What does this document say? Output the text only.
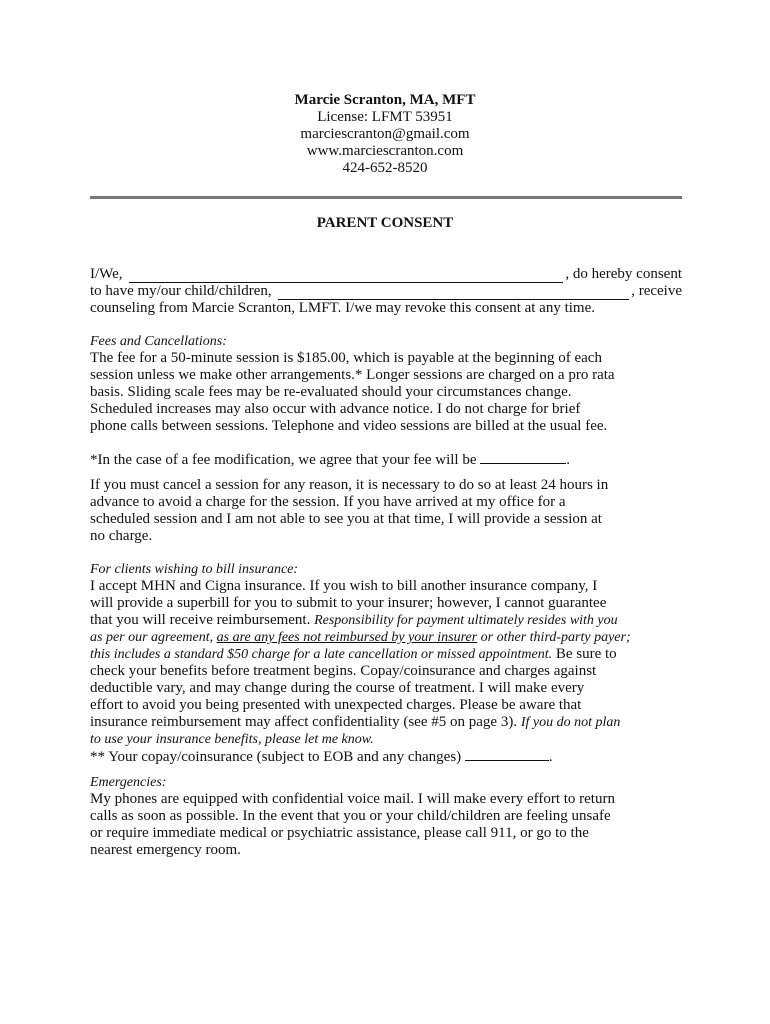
Marcie Scranton, MA, MFT
License: LFMT 53951
marciescranton@gmail.com
www.marciescranton.com
424-652-8520
PARENT CONSENT
I/We,	, do hereby consent
to have my/our child/children,	, receive

counseling from Marcie Scranton, LMFT. I/we may revoke this consent at any time.

Fees and Cancellations:

The fee for a 50-minute session is $185.00, which is payable at the beginning of each

session unless we make other arrangements.* Longer sessions are charged on a pro rata

basis. Sliding scale fees may be re-evaluated should your circumstances change.

Scheduled increases may also occur with advance notice. I do not charge for brief

phone calls between sessions. Telephone and video sessions are billed at the usual fee.

*In the case of a fee modification, we agree that your fee will be	.

If you must cancel a session for any reason, it is necessary to do so at least 24 hours in

advance to avoid a charge for the session. If you have arrived at my office for a

scheduled session and I am not able to see you at that time, I will provide a session at

no charge.

For clients wishing to bill insurance:

I accept MHN and Cigna insurance. If you wish to bill another insurance company, I

will provide a superbill for you to submit to your insurer; however, I cannot guarantee

that you will receive reimbursement. Responsibility for payment ultimately resides with you

as per our agreement, as are any fees not reimbursed by your insurer or other third-party payer;

this includes a standard $50 charge for a late cancellation or missed appointment. Be sure to

check your benefits before treatment begins. Copay/coinsurance and charges against

deductible vary, and may change during the course of treatment. I will make every

effort to avoid you being presented with unexpected charges. Please be aware that

insurance reimbursement may affect confidentiality (see #5 on page 3). If you do not plan

to use your insurance benefits, please let me know.

** Your copay/coinsurance (subject to EOB and any changes)	.

Emergencies:

My phones are equipped with confidential voice mail. I will make every effort to return

calls as soon as possible. In the event that you or your child/children are feeling unsafe

or require immediate medical or psychiatric assistance, please call 911, or go to the

nearest emergency room.
